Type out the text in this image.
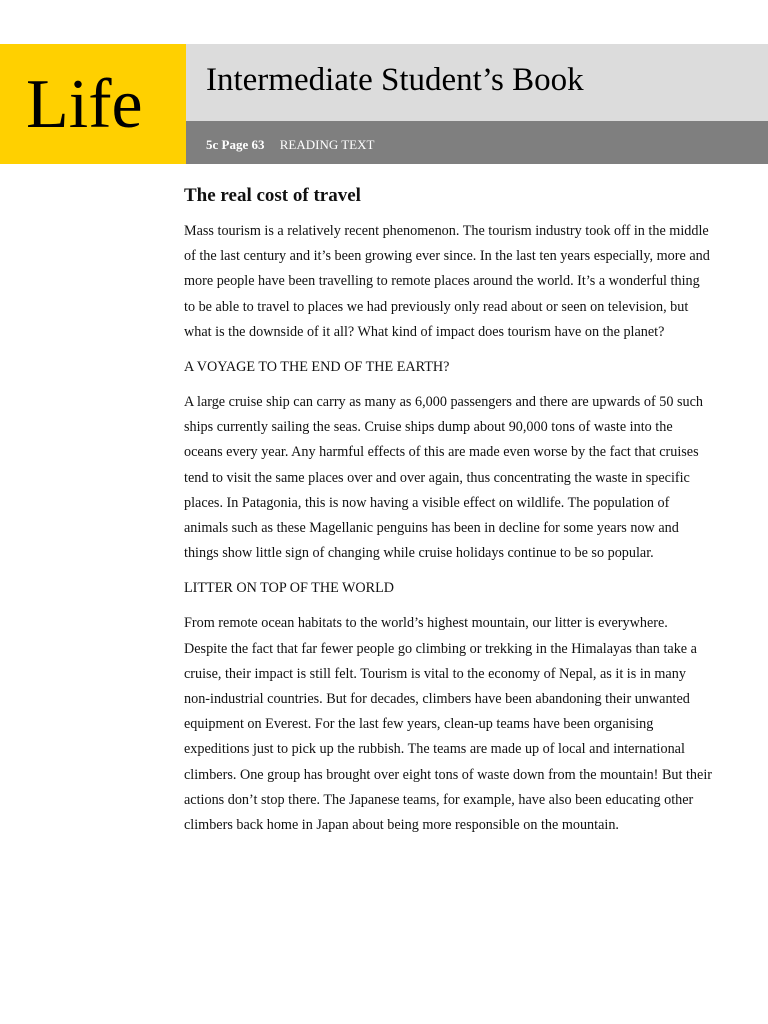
Life Intermediate Student’s Book
5c Page 63 READING TEXT
The real cost of travel

Mass tourism is a relatively recent phenomenon. The tourism industry took off in the middle of the last century and it’s been growing ever since. In the last ten years especially, more and more people have been travelling to remote places around the world. It’s a wonderful thing to be able to travel to places we had previously only read about or seen on television, but what is the downside of it all? What kind of impact does tourism have on the planet?

A VOYAGE TO THE END OF THE EARTH?

A large cruise ship can carry as many as 6,000 passengers and there are upwards of 50 such ships currently sailing the seas. Cruise ships dump about 90,000 tons of waste into the oceans every year. Any harmful effects of this are made even worse by the fact that cruises tend to visit the same places over and over again, thus concentrating the waste in specific places. In Patagonia, this is now having a visible effect on wildlife. The population of animals such as these Magellanic penguins has been in decline for some years now and things show little sign of changing while cruise holidays continue to be so popular.

LITTER ON TOP OF THE WORLD

From remote ocean habitats to the world’s highest mountain, our litter is everywhere. Despite the fact that far fewer people go climbing or trekking in the Himalayas than take a cruise, their impact is still felt. Tourism is vital to the economy of Nepal, as it is in many non-industrial countries. But for decades, climbers have been abandoning their unwanted equipment on Everest. For the last few years, clean-up teams have been organising expeditions just to pick up the rubbish. The teams are made up of local and international climbers. One group has brought over eight tons of waste down from the mountain! But their actions don’t stop there. The Japanese teams, for example, have also been educating other climbers back home in Japan about being more responsible on the mountain.
